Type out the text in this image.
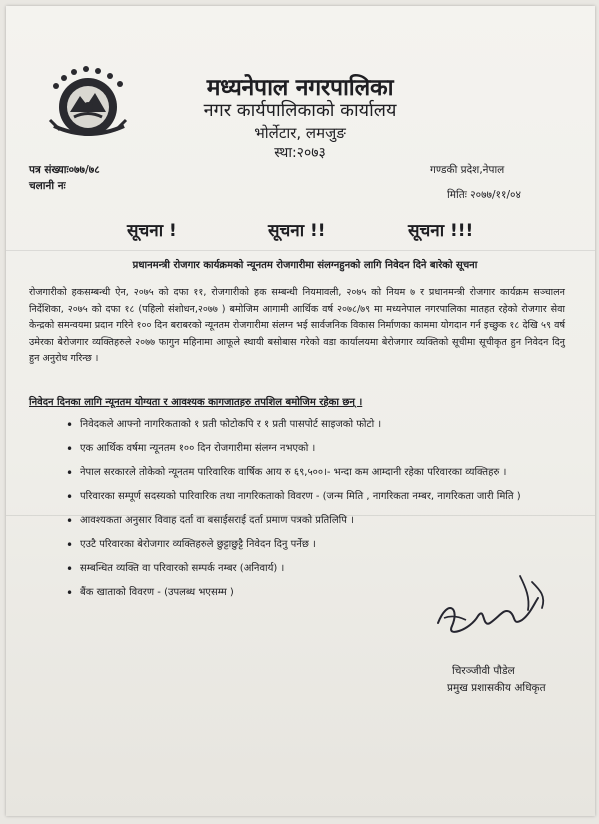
मध्यनेपाल नगरपालिका
नगर कार्यपालिकाको कार्यालय
भोर्लेटार, लमजुङ
स्था:२०७३
पत्र संख्याः०७७/७८
चलानी नः
गण्डकी प्रदेश,नेपाल
मितिः २०७७/११/०४
सूचना !	सूचना !!	सूचना !!!
प्रधानमन्त्री रोजगार कार्यक्रमको न्यूनतम रोजगारीमा संलग्नहुनको लागि निवेदन दिने बारेको सूचना
रोजगारीको हकसम्बन्धी ऐन, २०७५ को दफा ११, रोजगारीको हक सम्बन्धी नियमावली, २०७५ को नियम ७ र प्रधानमन्त्री रोजगार कार्यक्रम सञ्चालन निर्देशिका, २०७५ को दफा १८ (पहिलो संशोधन,२०७७ ) बमोजिम आगामी आर्थिक वर्ष २०७८/७९ मा मध्यनेपाल नगरपालिका मातहत रहेको रोजगार सेवा केन्द्रको समन्वयमा प्रदान गरिने १०० दिन बराबरको न्यूनतम रोजगारीमा संलग्न भई सार्वजनिक विकास निर्माणका काममा योगदान गर्न इच्छुक १८ देखि ५९ वर्ष उमेरका बेरोजगार व्यक्तिहरुले २०७७ फागुन महिनामा आफूले स्थायी बसोबास गरेको वडा कार्यालयमा बेरोजगार व्यक्तिको सूचीमा सूचीकृत हुन निवेदन दिनु हुन अनुरोध गरिन्छ ।
निवेदन दिनका लागि न्यूनतम योग्यता र आवश्यक कागजातहरु तपशिल बमोजिम रहेका छन् ।
• निवेदकले आफ्नो नागरिकताको १ प्रती फोटोकपि र १ प्रती पासपोर्ट साइजको फोटो ।
• एक आर्थिक वर्षमा न्यूनतम १०० दिन रोजगारीमा संलग्न नभएको ।
• नेपाल सरकारले तोकेको न्यूनतम पारिवारिक वार्षिक आय रु ६९,५००।- भन्दा कम आम्दानी रहेका परिवारका व्यक्तिहरु ।
• परिवारका सम्पूर्ण सदस्यको पारिवारिक तथा नागरिकताको विवरण - (जन्म मिति , नागरिकता नम्बर, नागरिकता जारी मिति )
• आवश्यकता अनुसार विवाह दर्ता वा बसाईसराई दर्ता प्रमाण पत्रको प्रतिलिपि ।
• एउटै परिवारका बेरोजगार व्यक्तिहरुले छुट्टाछुट्टै निवेदन दिनु पर्नेछ ।
• सम्बन्धित व्यक्ति वा परिवारको सम्पर्क नम्बर (अनिवार्य) ।
• बैंक खाताको विवरण - (उपलब्ध भएसम्म )
चिरञ्जीवी पौडेल
प्रमुख प्रशासकीय अधिकृत
